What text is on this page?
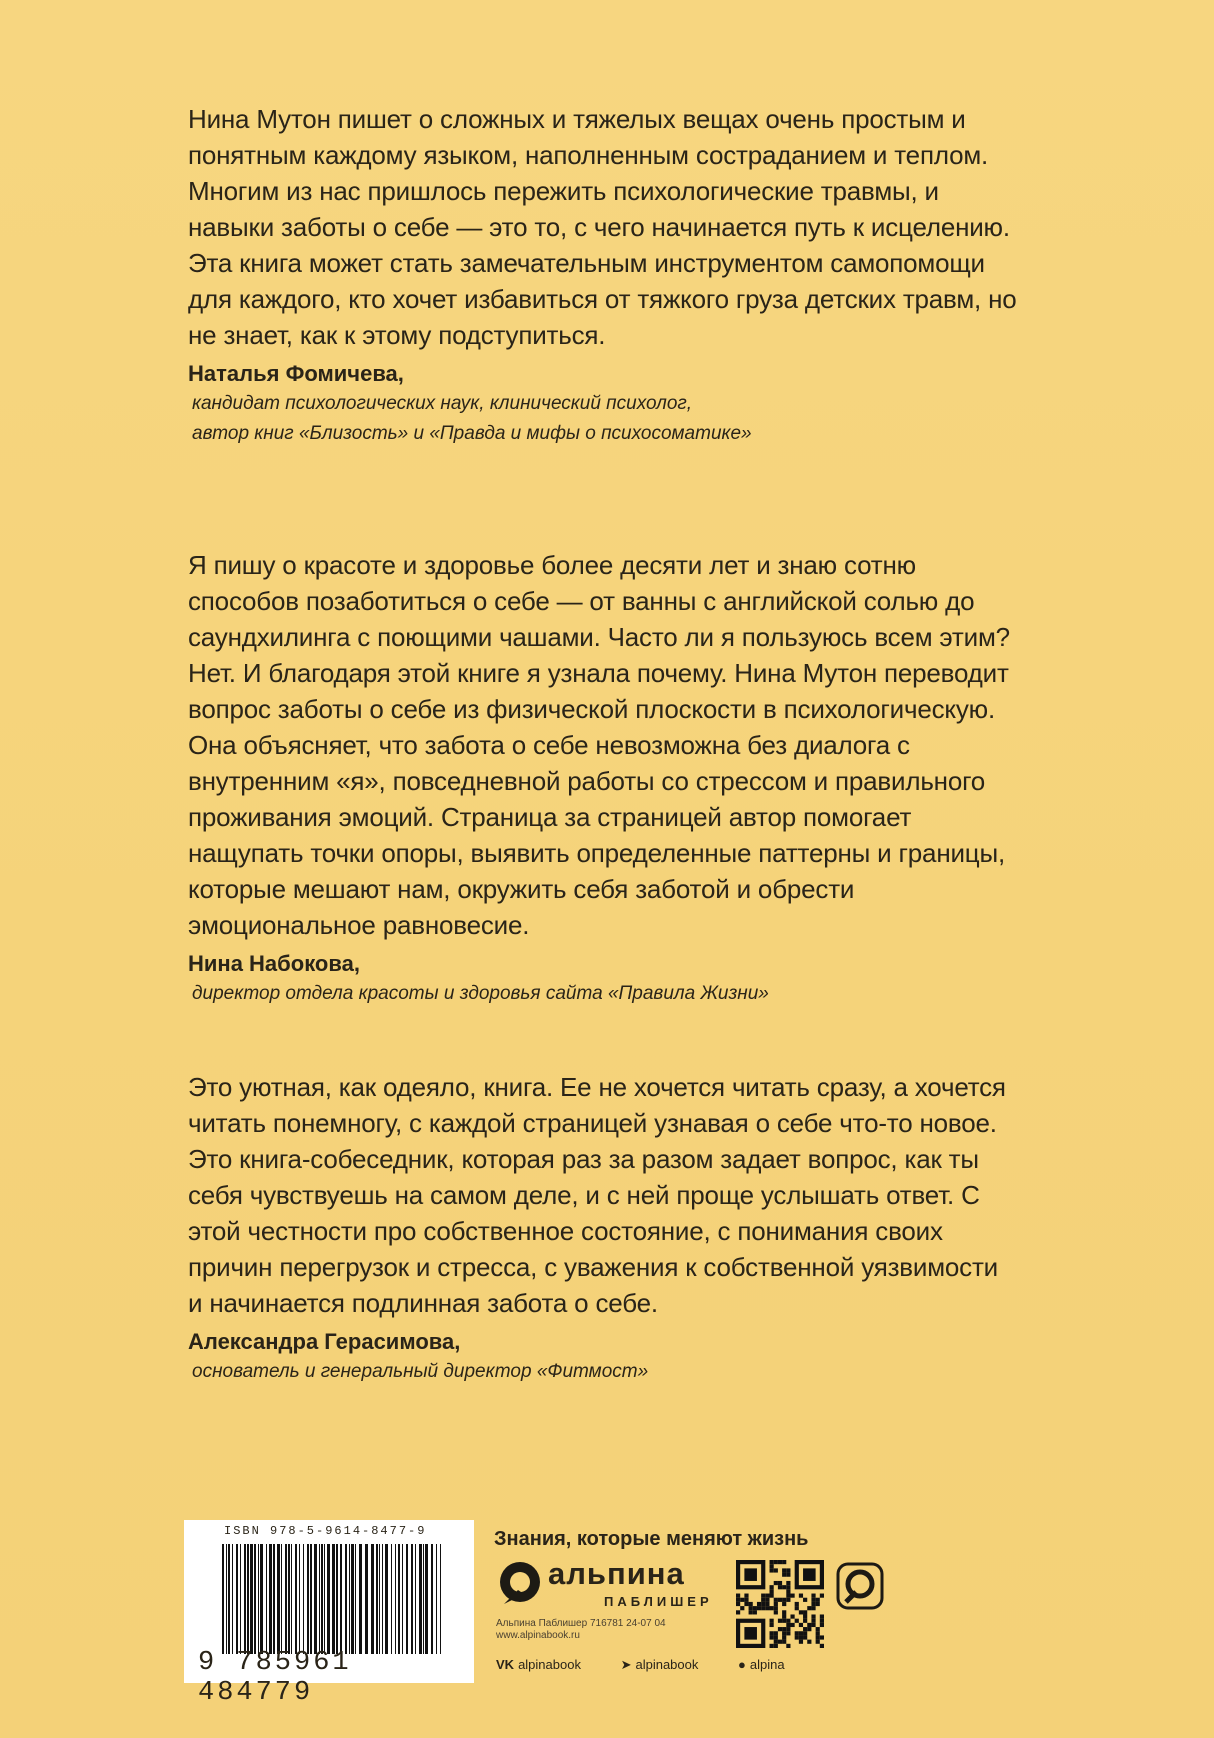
Нина Мутон пишет о сложных и тяжелых вещах очень простым и понятным каждому языком, наполненным состраданием и теплом. Многим из нас пришлось пережить психологические травмы, и навыки заботы о себе — это то, с чего начинается путь к исцелению. Эта книга может стать замечательным инструментом самопомощи для каждого, кто хочет избавиться от тяжкого груза детских травм, но не знает, как к этому подступиться.

Наталья Фомичева,
кандидат психологических наук, клинический психолог,
автор книг «Близость» и «Правда и мифы о психосоматике»

Я пишу о красоте и здоровье более десяти лет и знаю сотню способов позаботиться о себе — от ванны с английской солью до саундхилинга с поющими чашами. Часто ли я пользуюсь всем этим? Нет. И благодаря этой книге я узнала почему. Нина Мутон переводит вопрос заботы о себе из физической плоскости в психологическую. Она объясняет, что забота о себе невозможна без диалога с внутренним «я», повседневной работы со стрессом и правильного проживания эмоций. Страница за страницей автор помогает нащупать точки опоры, выявить определенные паттерны и границы, которые мешают нам, окружить себя заботой и обрести эмоциональное равновесие.

Нина Набокова,
директор отдела красоты и здоровья сайта «Правила Жизни»

Это уютная, как одеяло, книга. Ее не хочется читать сразу, а хочется читать понемногу, с каждой страницей узнавая о себе что-то новое. Это книга-собеседник, которая раз за разом задает вопрос, как ты себя чувствуешь на самом деле, и с ней проще услышать ответ. С этой честности про собственное состояние, с понимания своих причин перегрузок и стресса, с уважения к собственной уязвимости и начинается подлинная забота о себе.

Александра Герасимова,
основатель и генеральный директор «Фитмост»
ISBN 978-5-9614-8477-9
9 785961 484779
Знания, которые меняют жизнь
альпина
ПАБЛИШЕР
Альпина Паблишер 716781 24-07 04
www.alpinabook.ru
VK alpinabook	➤ alpinabook	● alpina
